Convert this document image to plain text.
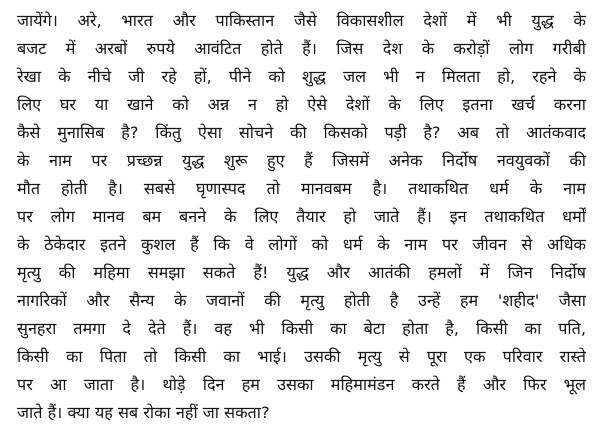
जायेंगे। अरे, भारत और पाकिस्तान जैसे विकासशील देशों में भी युद्ध के
बजट में अरबों रुपये आवंटित होते हैं। जिस देश के करोड़ों लोग गरीबी
रेखा के नीचे जी रहे हों, पीने को शुद्ध जल भी न मिलता हो, रहने के
लिए घर या खाने को अन्न न हो ऐसे देशों के लिए इतना खर्च करना
कैसे मुनासिब है? किंतु ऐसा सोचने की किसको पड़ी है? अब तो आतंकवाद
के नाम पर प्रच्छन्न युद्ध शुरू हुए हैं जिसमें अनेक निर्दोष नवयुवकों की
मौत होती है। सबसे घृणास्पद तो मानवबम है। तथाकथित धर्म के नाम
पर लोग मानव बम बनने के लिए तैयार हो जाते हैं। इन तथाकथित धर्मों
के ठेकेदार इतने कुशल हैं कि वे लोगों को धर्म के नाम पर जीवन से अधिक
मृत्यु की महिमा समझा सकते हैं! युद्ध और आतंकी हमलों में जिन निर्दोष
नागरिकों और सैन्य के जवानों की मृत्यु होती है उन्हें हम 'शहीद' जैसा
सुनहरा तमगा दे देते हैं। वह भी किसी का बेटा होता है, किसी का पति,
किसी का पिता तो किसी का भाई। उसकी मृत्यु से पूरा एक परिवार रास्ते
पर आ जाता है। थोड़े दिन हम उसका महिमामंडन करते हैं और फिर भूल
जाते हैं। क्या यह सब रोका नहीं जा सकता?
